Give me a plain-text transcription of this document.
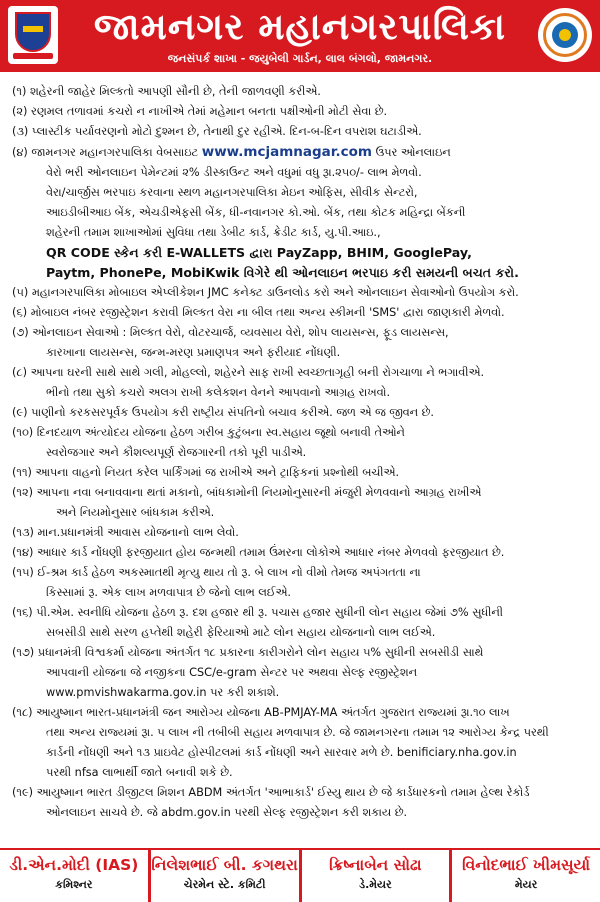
જામનગર મહાનગરપાલિકા
જનસંપર્ક શાખા - જયુબેલી ગાર્ડન, લાલ બંગલો, જામનગર.
(૧) શહેરની જાહેર મિલ્કતો આપણી સૌની છે, તેની જાળવણી કરીએ.
(૨) રણમલ તળાવમાં કચરો ન નાખીએ તેમાં મહેમાન બનતા પક્ષીઓની મોટી સેવા છે.
(૩) પ્લાસ્ટીક પર્યાવરણનો મોટો દુશ્મન છે, તેનાથી દુર રહીએ. દિન-બ-દિન વપરાશ ઘટાડીએ.
(૪) જામનગર મહાનગરપાલિકા વેબસાઇટ www.mcjamnagar.com ઉપર ઓનલાઇન
વેરો ભરી ઓનલાઇન પેમેન્ટમાં ૨% ડીસ્કાઉન્ટ અને વધુમાં વધુ રૂા.૨૫૦/- લાભ મેળવો.
વેરા/ચાર્જીસ ભરપાઇ કરવાના સ્થળ મહાનગરપાલિકા મેઇન ઓફિસ, સીવીક સેન્ટરો,
આઇડીબીઆઇ બેંક, એચડીએફસી બેંક, ધી-નવાનગર કો.ઓ. બેંક, તથા કોટક મહિન્દ્રા બેંકની
શહેરની તમામ શાખાઓમાં સુવિધા તથા ડેબીટ કાર્ડ, ક્રેડીટ કાર્ડ, યુ.પી.આઇ.,
QR CODE સ્કેન કરી E-WALLETS દ્વારા PayZapp, BHIM, GooglePay,
Paytm, PhonePe, MobiKwik વિગેરે થી ઓનલાઇન ભરપાઇ કરી સમયની બચત કરો.
(૫) મહાનગરપાલિકા મોબાઇલ એપ્લીકેશન JMC કનેક્ટ ડાઉનલોડ કરો અને ઓનલાઇન સેવાઓનો ઉપયોગ કરો.
(૬) મોબાઇલ નંબર રજીસ્ટ્રેશન કરાવી મિલ્કત વેરા ના બીલ તથા અન્ય સ્કીમની 'SMS' દ્વારા જાણકારી મેળવો.
(૭) ઓનલાઇન સેવાઓ : મિલ્કત વેરો, વોટરચાર્જ, વ્યવસાય વેરો, શોપ લાયસન્સ, ફૂડ લાયસન્સ,
કારખાના લાયસન્સ, જન્મ-મરણ પ્રમાણપત્ર અને ફરીયાદ નોંધણી.
(૮) આપના ઘરની સાથે સાથે ગલી, મોહલ્લો, શહેરને સાફ રાખી સ્વચ્છતાગૃહી બની રોગચાળા ને ભગાવીએ.
ભીનો તથા સુકો કચરો અલગ રાખી કલેકશન વેનને આપવાનો આગ્રહ રાખવો.
(૯) પાણીનો કરકસરપૂર્વક ઉપયોગ કરી રાષ્ટ્રીય સંપતિનો બચાવ કરીએ. જળ એ જ જીવન છે.
(૧૦) દિનદયાળ અંત્યોદય યોજના હેઠળ ગરીબ કુટુંબના સ્વ.સહાય જૂથો બનાવી તેઓને
સ્વરોજગાર અને કૌશલ્યપૂર્ણ રોજગારની તકો પૂરી પાડીએ.
(૧૧) આપના વાહનો નિયત કરેલ પાર્કિંગમાં જ રાખીએ અને ટ્રાફિકનાં પ્રશ્નોથી બચીએ.
(૧૨) આપના નવા બનાવવાના થતાં મકાનો, બાંધકામોની નિયમોનુસારની મંજુરી મેળવવાનો આગ્રહ રાખીએ
અને નિયમોનુસાર બાંધકામ કરીએ.
(૧૩) માન.પ્રધાનમંત્રી આવાસ યોજનાનો લાભ લેવો.
(૧૪) આધાર કાર્ડ નોંધણી ફરજીયાત હોય જન્મથી તમામ ઉંમરના લોકોએ આધાર નંબર મેળવવો ફરજીયાત છે.
(૧૫) ઈ-શ્રમ કાર્ડ હેઠળ અકસ્માતથી મૃત્યુ થાય તો રૂ. બે લાખ નો વીમો તેમજ અપંગતતા ના
કિસ્સામાં રૂ. એક લાખ મળવાપાત્ર છે જેનો લાભ લઈએ.
(૧૬) પી.એમ. સ્વનીધિ યોજના હેઠળ રૂ. દશ હજાર થી રૂ. પચાસ હજાર સુધીની લોન સહાય જેમાં ૭% સુધીની
સબસીડી સાથે સરળ હપ્તેથી શહેરી ફેરિયાઓ માટે લોન સહાય યોજનાનો લાભ લઈએ.
(૧૭) પ્રધાનમંત્રી વિશ્વકર્મા યોજના અંતર્ગત ૧૮ પ્રકારના કારીગરોને લોન સહાય ૫% સુધીની સબસીડી સાથે
આપવાની યોજના જે નજીકના CSC/e-gram સેન્ટર પર અથવા સેલ્ફ રજીસ્ટ્રેશન
www.pmvishwakarma.gov.in પર કરી શકાશે.
(૧૮) આયુષ્માન ભારત-પ્રધાનમંત્રી જન આરોગ્ય યોજના AB-PMJAY-MA અંતર્ગત ગુજરાત રાજ્યમાં રૂા.૧૦ લાખ
તથા અન્ય રાજ્યમાં રૂા. ૫ લાખ ની તબીબી સહાય મળવાપાત્ર છે. જે જામનગરના તમામ ૧૨ આરોગ્ય કેન્દ્ર પરથી
કાર્ડની નોંધણી અને ૧૩ પ્રાઇવેટ હોસ્પીટલમાં કાર્ડ નોંધણી અને સારવાર મળે છે. benificiary.nha.gov.in
પરથી nfsa લાભાર્થી જાતે બનાવી શકે છે.
(૧૯) આયુષ્માન ભારત ડીજીટલ મિશન ABDM અંતર્ગત 'આભાકાર્ડ' ઈસ્યુ થાય છે જે કાર્ડધારકનો તમામ હેલ્થ રેકોર્ડ
ઓનલાઇન સાચવે છે. જે abdm.gov.in પરથી સેલ્ફ રજીસ્ટ્રેશન કરી શકાય છે.
ડી.એન.મોદી (IAS)
કમિશ્નર
નિલેશભાઈ બી. કગથરા
ચેરમેન સ્ટે. કમિટી
ક્રિષ્નાબેન સોઢા
ડે.મેયર
વિનોદભાઈ ખીમસૂર્યા
મેયર
